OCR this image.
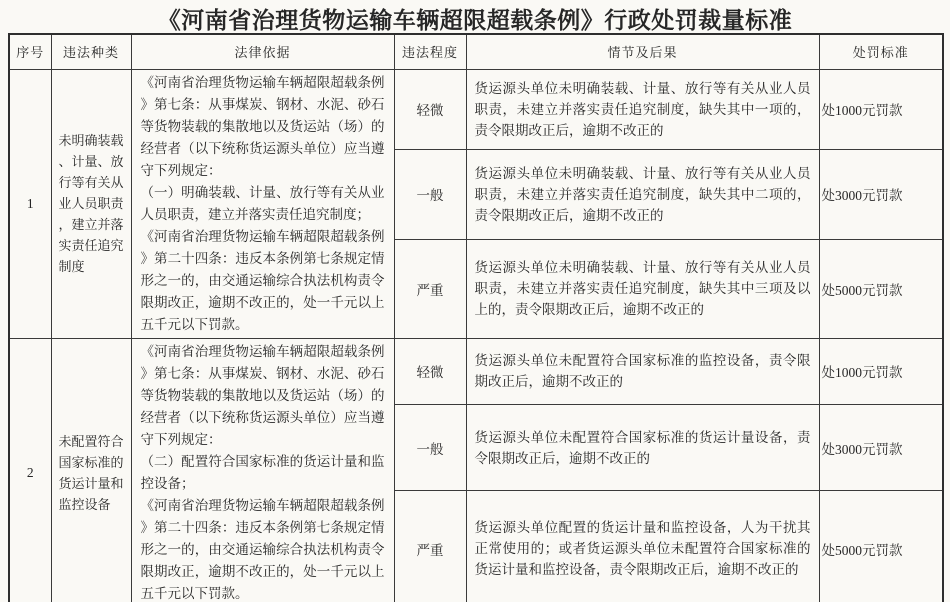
《河南省治理货物运输车辆超限超载条例》行政处罚裁量标准
序号	违法种类	法律依据	违法程度	情节及后果	处罚标准
1	未明确装载、计量、放行等有关从业人员职责，建立并落实责任追究制度	《河南省治理货物运输车辆超限超载条例》第七条：从事煤炭、钢材、水泥、砂石等货物装载的集散地以及货运站（场）的经营者（以下统称货运源头单位）应当遵守下列规定：
（一）明确装载、计量、放行等有关从业人员职责，建立并落实责任追究制度；
《河南省治理货物运输车辆超限超载条例》第二十四条：违反本条例第七条规定情形之一的，由交通运输综合执法机构责令限期改正，逾期不改正的，处一千元以上五千元以下罚款。	轻微	货运源头单位未明确装载、计量、放行等有关从业人员职责，未建立并落实责任追究制度，缺失其中一项的，责令限期改正后，逾期不改正的	处1000元罚款
			一般	货运源头单位未明确装载、计量、放行等有关从业人员职责，未建立并落实责任追究制度，缺失其中二项的，责令限期改正后，逾期不改正的	处3000元罚款
			严重	货运源头单位未明确装载、计量、放行等有关从业人员职责，未建立并落实责任追究制度，缺失其中三项及以上的，责令限期改正后，逾期不改正的	处5000元罚款
2	未配置符合国家标准的货运计量和监控设备	《河南省治理货物运输车辆超限超载条例》第七条：从事煤炭、钢材、水泥、砂石等货物装载的集散地以及货运站（场）的经营者（以下统称货运源头单位）应当遵守下列规定：
（二）配置符合国家标准的货运计量和监控设备；
《河南省治理货物运输车辆超限超载条例》第二十四条：违反本条例第七条规定情形之一的，由交通运输综合执法机构责令限期改正，逾期不改正的，处一千元以上五千元以下罚款。	轻微	货运源头单位未配置符合国家标准的监控设备，责令限期改正后，逾期不改正的	处1000元罚款
			一般	货运源头单位未配置符合国家标准的货运计量设备，责令限期改正后，逾期不改正的	处3000元罚款
			严重	货运源头单位配置的货运计量和监控设备，人为干扰其正常使用的；或者货运源头单位未配置符合国家标准的货运计量和监控设备，责令限期改正后，逾期不改正的	处5000元罚款
